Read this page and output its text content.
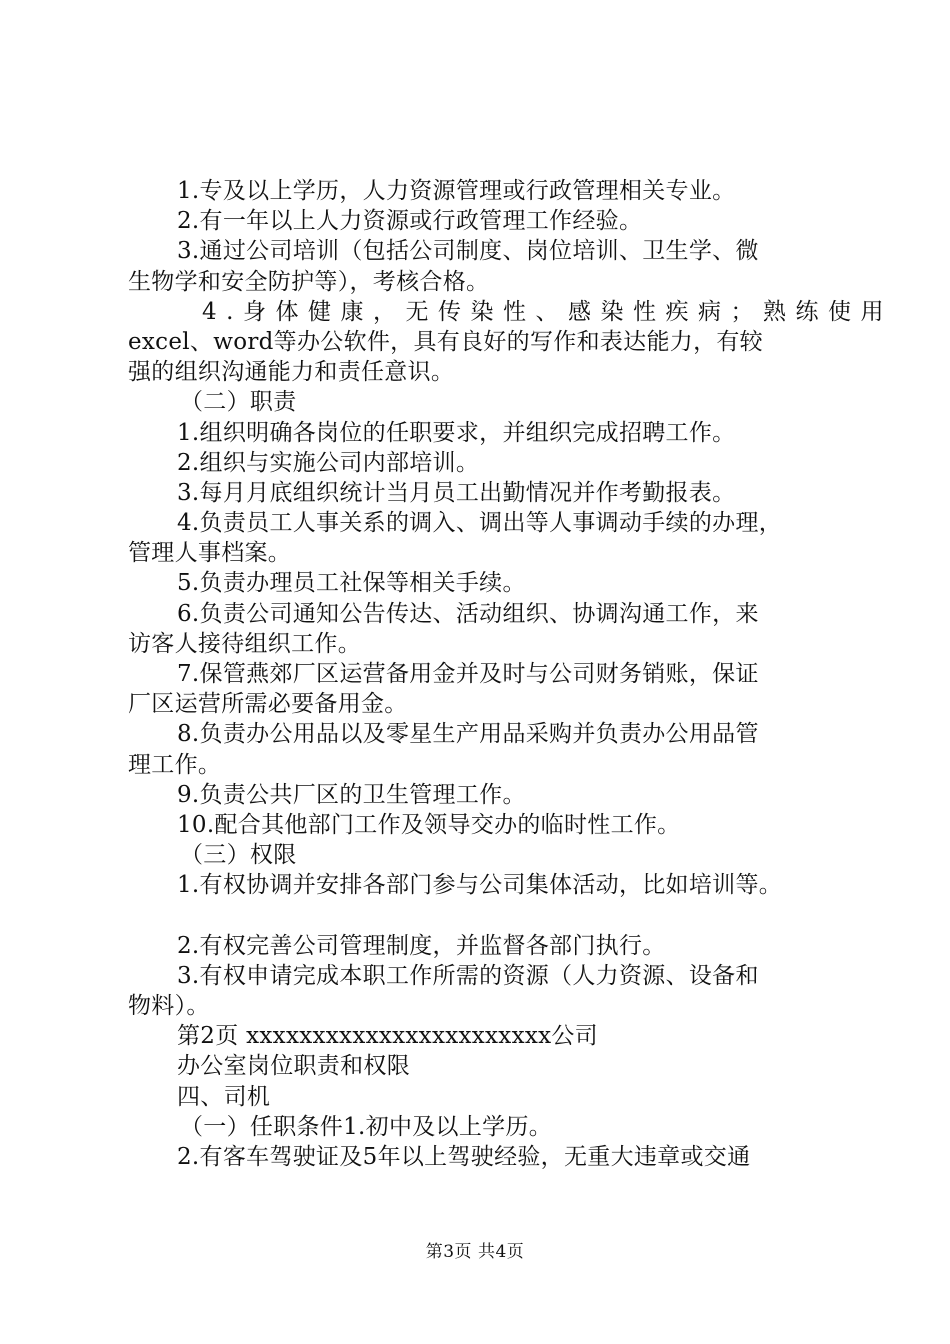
1.专及以上学历，人力资源管理或行政管理相关专业。
2.有一年以上人力资源或行政管理工作经验。
3.通过公司培训（包括公司制度、岗位培训、卫生学、微
生物学和安全防护等），考核合格。
4.身体健康，无传染性、感染性疾病；熟练使用
excel、word等办公软件，具有良好的写作和表达能力，有较
强的组织沟通能力和责任意识。
（二）职责
1.组织明确各岗位的任职要求，并组织完成招聘工作。
2.组织与实施公司内部培训。
3.每月月底组织统计当月员工出勤情况并作考勤报表。
4.负责员工人事关系的调入、调出等人事调动手续的办理，
管理人事档案。
5.负责办理员工社保等相关手续。
6.负责公司通知公告传达、活动组织、协调沟通工作，来
访客人接待组织工作。
7.保管燕郊厂区运营备用金并及时与公司财务销账，保证
厂区运营所需必要备用金。
8.负责办公用品以及零星生产用品采购并负责办公用品管
理工作。
9.负责公共厂区的卫生管理工作。
10.配合其他部门工作及领导交办的临时性工作。
（三）权限
1.有权协调并安排各部门参与公司集体活动，比如培训等。
2.有权完善公司管理制度，并监督各部门执行。
3.有权申请完成本职工作所需的资源（人力资源、设备和
物料）。
第2页 xxxxxxxxxxxxxxxxxxxxxxx公司
办公室岗位职责和权限
四、司机
（一）任职条件1.初中及以上学历。
2.有客车驾驶证及5年以上驾驶经验，无重大违章或交通
第3页 共4页
